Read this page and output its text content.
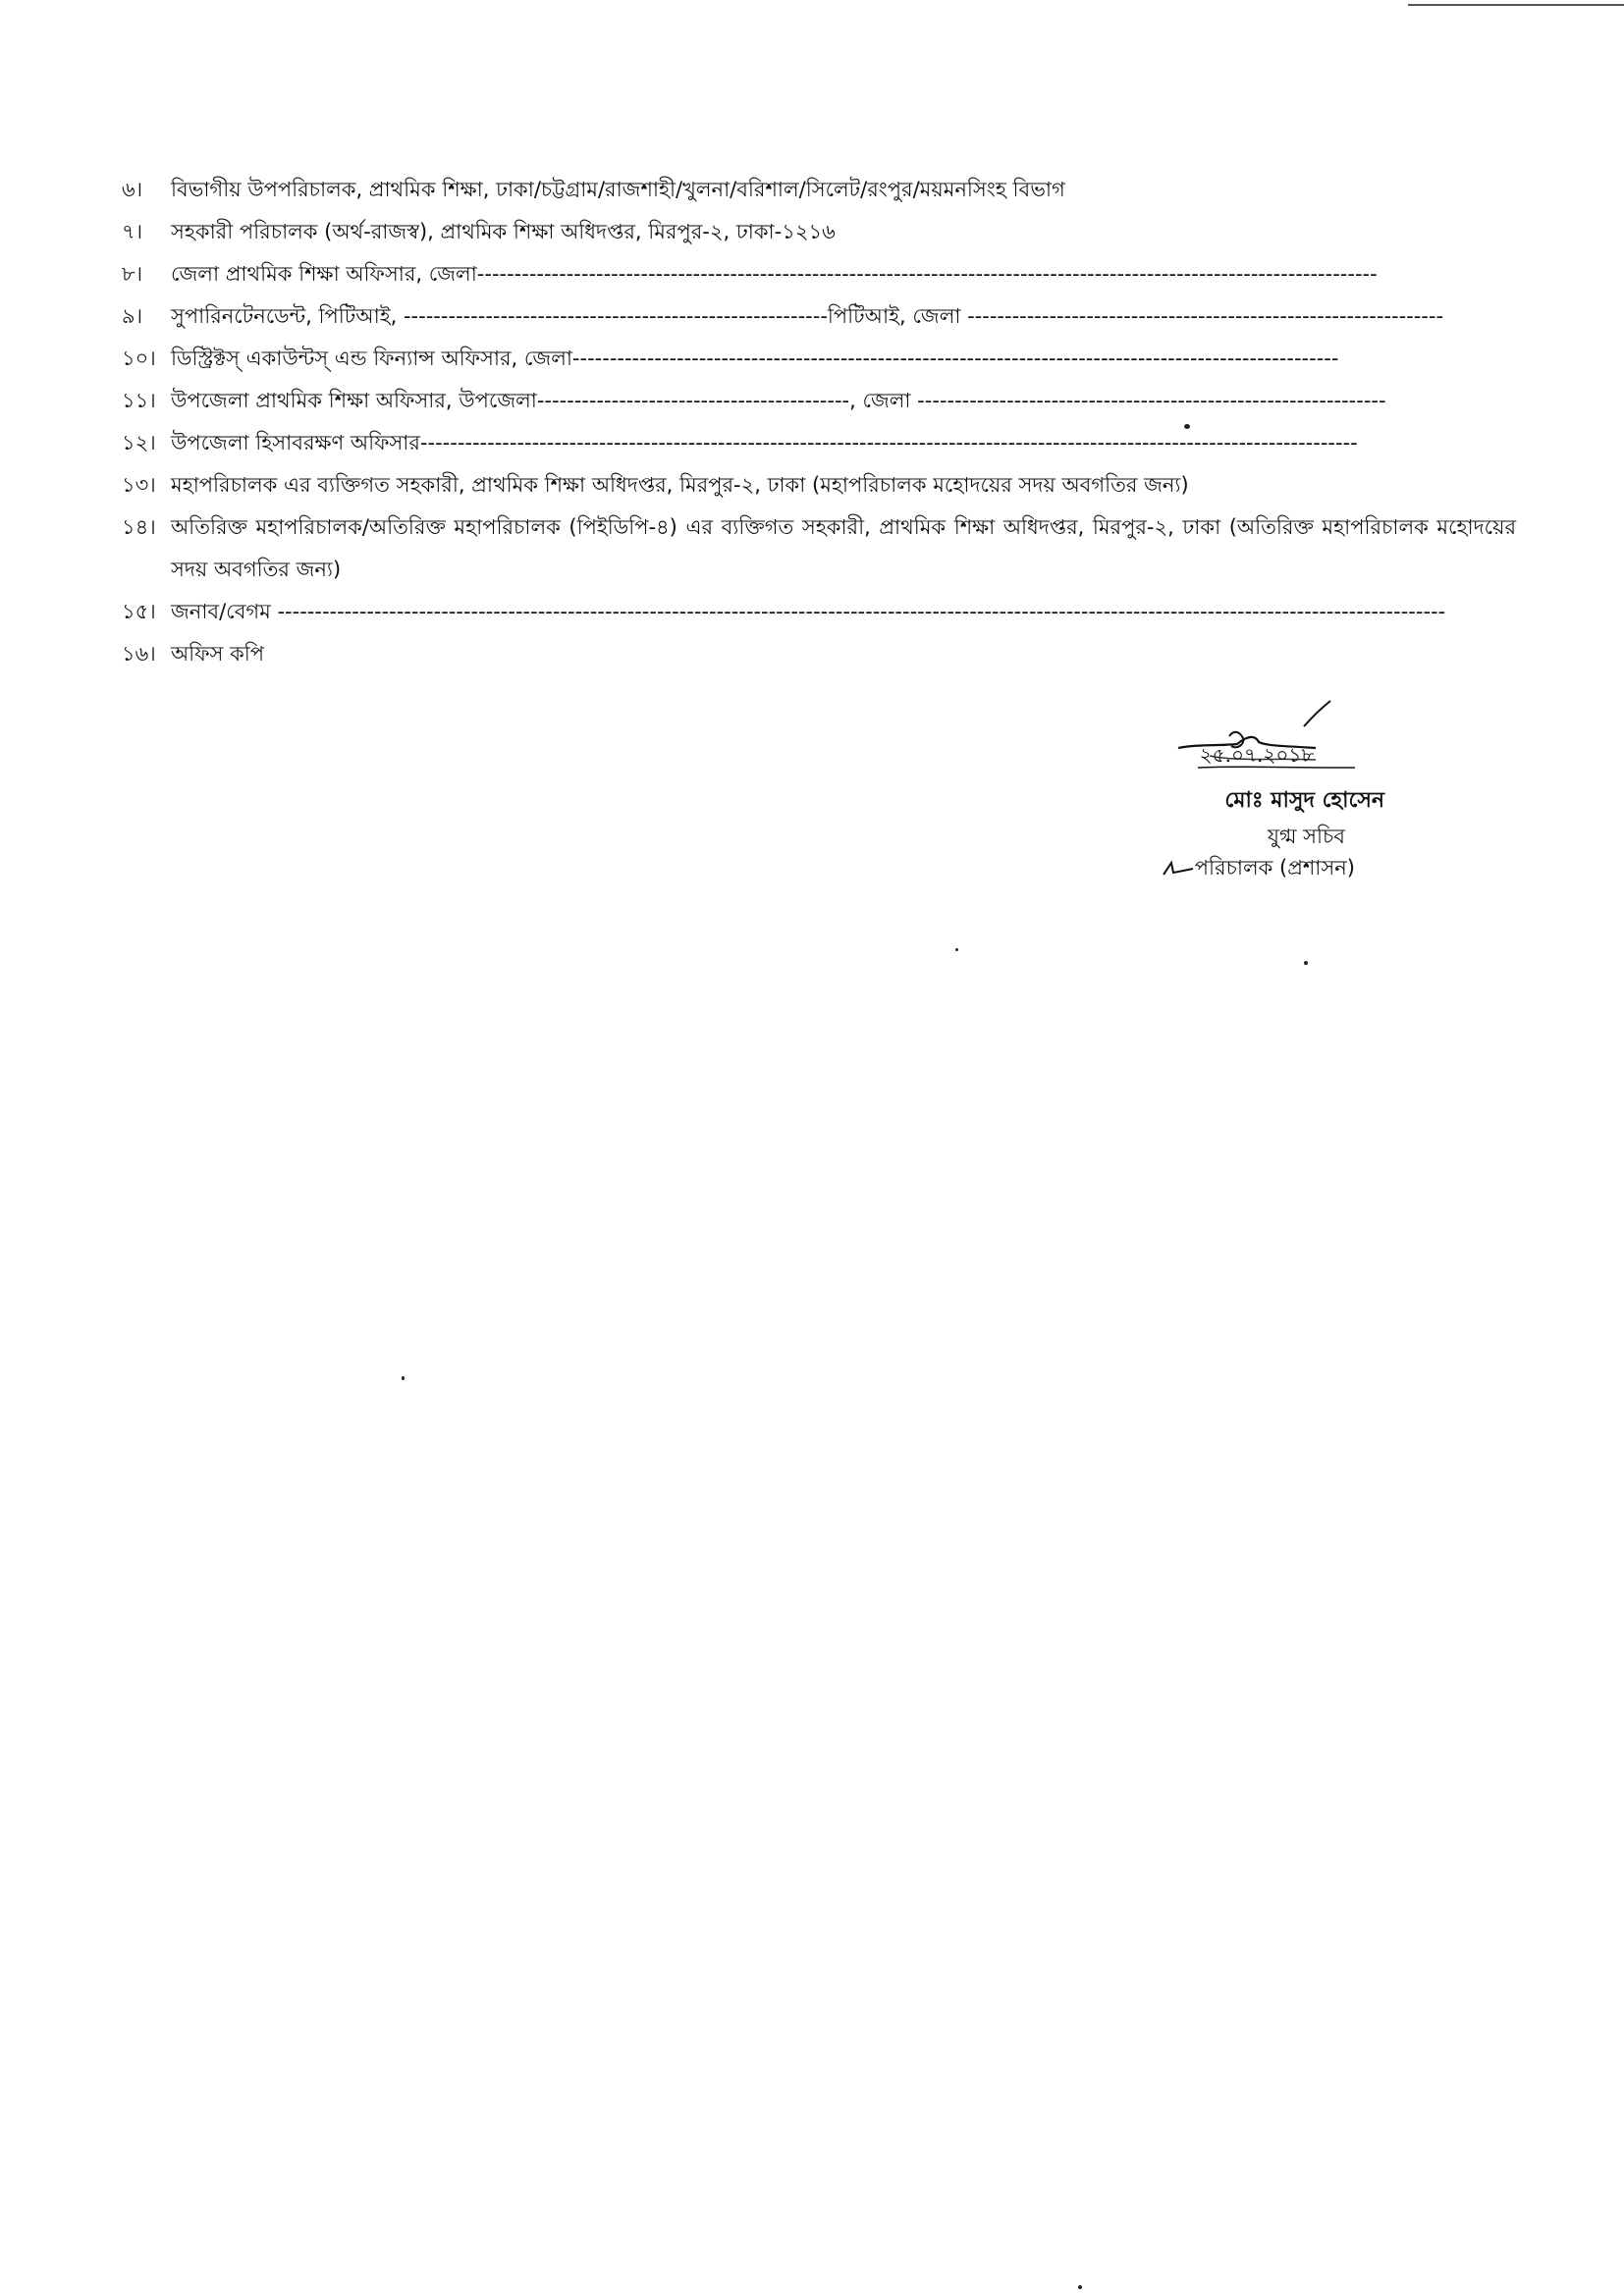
৬।	বিভাগীয় উপপরিচালক, প্রাথমিক শিক্ষা, ঢাকা/চট্টগ্রাম/রাজশাহী/খুলনা/বরিশাল/সিলেট/রংপুর/ময়মনসিংহ বিভাগ
৭।	সহকারী পরিচালক (অর্থ-রাজস্ব), প্রাথমিক শিক্ষা অধিদপ্তর, মিরপুর-২, ঢাকা-১২১৬
৮।	জেলা প্রাথমিক শিক্ষা অফিসার, জেলা-------------------------------------------------------------------------------------------------------------------------
৯।	সুপারিনটেনডেন্ট, পিটিআই, ---------------------------------------------------------পিটিআই, জেলা ----------------------------------------------------------------
১০। ডিস্ট্রিক্টস্ একাউন্টস্ এন্ড ফিন্যান্স অফিসার, জেলা-------------------------------------------------------------------------------------------------------
১১। উপজেলা প্রাথমিক শিক্ষা অফিসার, উপজেলা------------------------------------------, জেলা ---------------------------------------------------------------
১২। উপজেলা হিসাবরক্ষণ অফিসার------------------------------------------------------------------------------------------------------------------------------
১৩। মহাপরিচালক এর ব্যক্তিগত সহকারী, প্রাথমিক শিক্ষা অধিদপ্তর, মিরপুর-২, ঢাকা (মহাপরিচালক মহোদয়ের সদয় অবগতির জন্য)
১৪। অতিরিক্ত মহাপরিচালক/অতিরিক্ত মহাপরিচালক (পিইডিপি-৪) এর ব্যক্তিগত সহকারী, প্রাথমিক শিক্ষা অধিদপ্তর, মিরপুর-২, ঢাকা (অতিরিক্ত মহাপরিচালক মহোদয়ের সদয় অবগতির জন্য)
১৫। জনাব/বেগম -------------------------------------------------------------------------------------------------------------------------------------------------------------
১৬। অফিস কপি
২৫.০৭.২০১৮
মোঃ মাসুদ হোসেন
যুগ্ম সচিব
পরিচালক (প্রশাসন)
